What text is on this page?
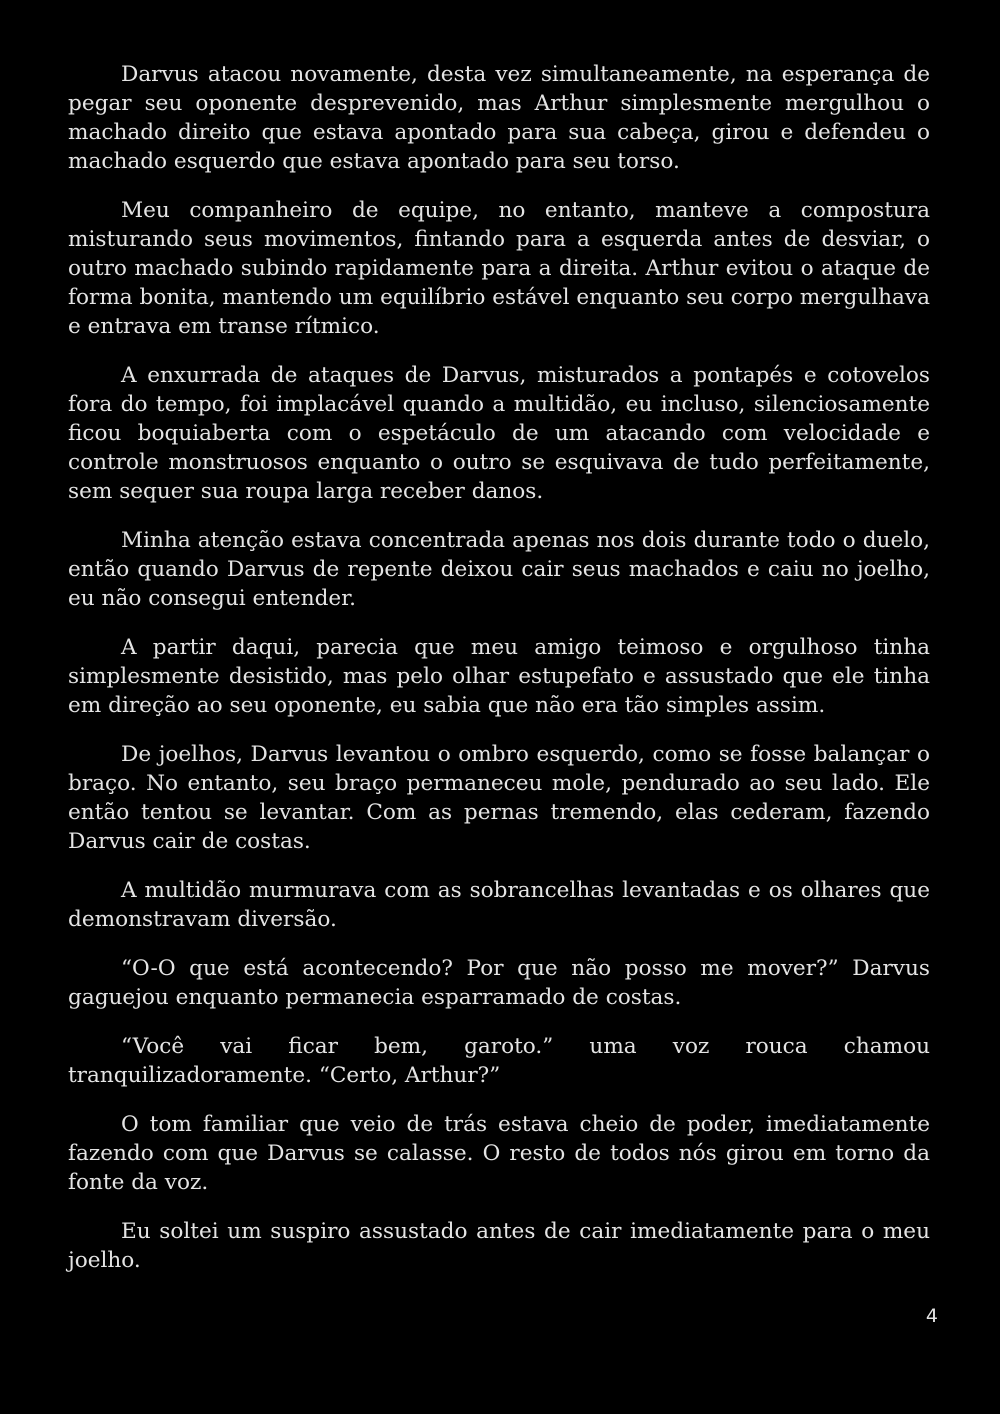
Darvus atacou novamente, desta vez simultaneamente, na esperança de pegar seu oponente desprevenido, mas Arthur simplesmente mergulhou o machado direito que estava apontado para sua cabeça, girou e defendeu o machado esquerdo que estava apontado para seu torso.

Meu companheiro de equipe, no entanto, manteve a compostura misturando seus movimentos, fintando para a esquerda antes de desviar, o outro machado subindo rapidamente para a direita. Arthur evitou o ataque de forma bonita, mantendo um equilíbrio estável enquanto seu corpo mergulhava e entrava em transe rítmico.

A enxurrada de ataques de Darvus, misturados a pontapés e cotovelos fora do tempo, foi implacável quando a multidão, eu incluso, silenciosamente ficou boquiaberta com o espetáculo de um atacando com velocidade e controle monstruosos enquanto o outro se esquivava de tudo perfeitamente, sem sequer sua roupa larga receber danos.

Minha atenção estava concentrada apenas nos dois durante todo o duelo, então quando Darvus de repente deixou cair seus machados e caiu no joelho, eu não consegui entender.

A partir daqui, parecia que meu amigo teimoso e orgulhoso tinha simplesmente desistido, mas pelo olhar estupefato e assustado que ele tinha em direção ao seu oponente, eu sabia que não era tão simples assim.

De joelhos, Darvus levantou o ombro esquerdo, como se fosse balançar o braço. No entanto, seu braço permaneceu mole, pendurado ao seu lado. Ele então tentou se levantar. Com as pernas tremendo, elas cederam, fazendo Darvus cair de costas.

A multidão murmurava com as sobrancelhas levantadas e os olhares que demonstravam diversão.

“O-O que está acontecendo? Por que não posso me mover?” Darvus gaguejou enquanto permanecia esparramado de costas.

“Você vai ficar bem, garoto.” uma voz rouca chamou tranquilizadoramente. “Certo, Arthur?”

O tom familiar que veio de trás estava cheio de poder, imediatamente fazendo com que Darvus se calasse. O resto de todos nós girou em torno da fonte da voz.

Eu soltei um suspiro assustado antes de cair imediatamente para o meu joelho.

4
